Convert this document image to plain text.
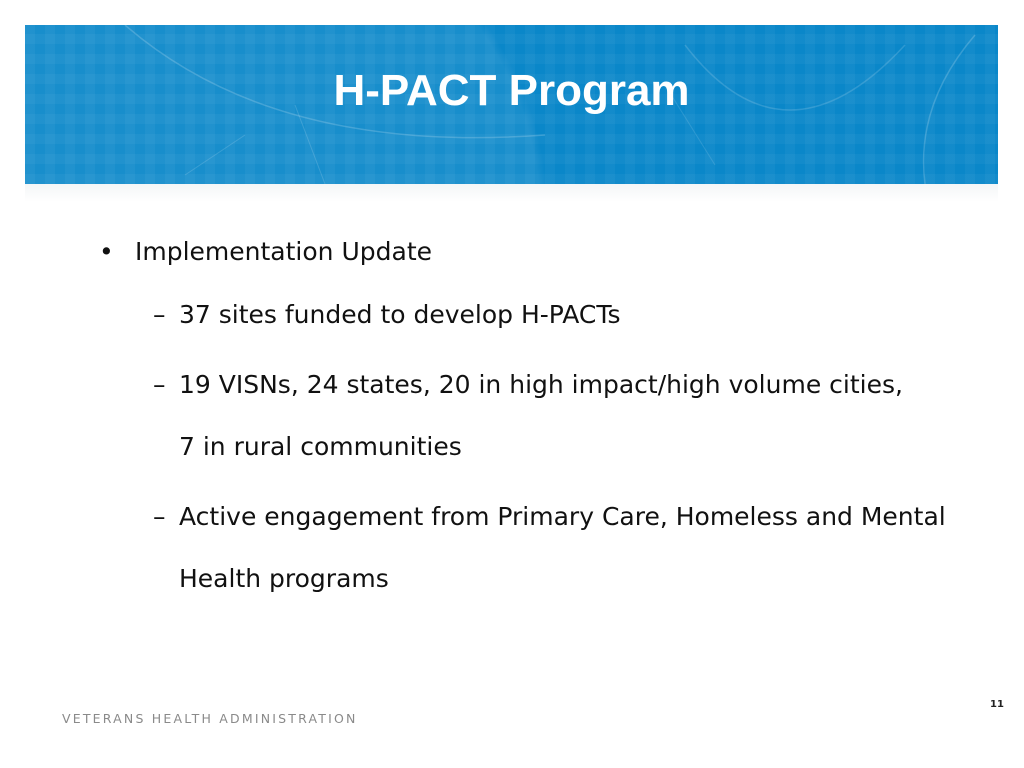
H-PACT Program
• Implementation Update
– 37 sites funded to develop H-PACTs
– 19 VISNs, 24 states, 20 in high impact/high volume cities, 7 in rural communities
– Active engagement from Primary Care, Homeless and Mental Health programs
VETERANS HEALTH ADMINISTRATION
11
